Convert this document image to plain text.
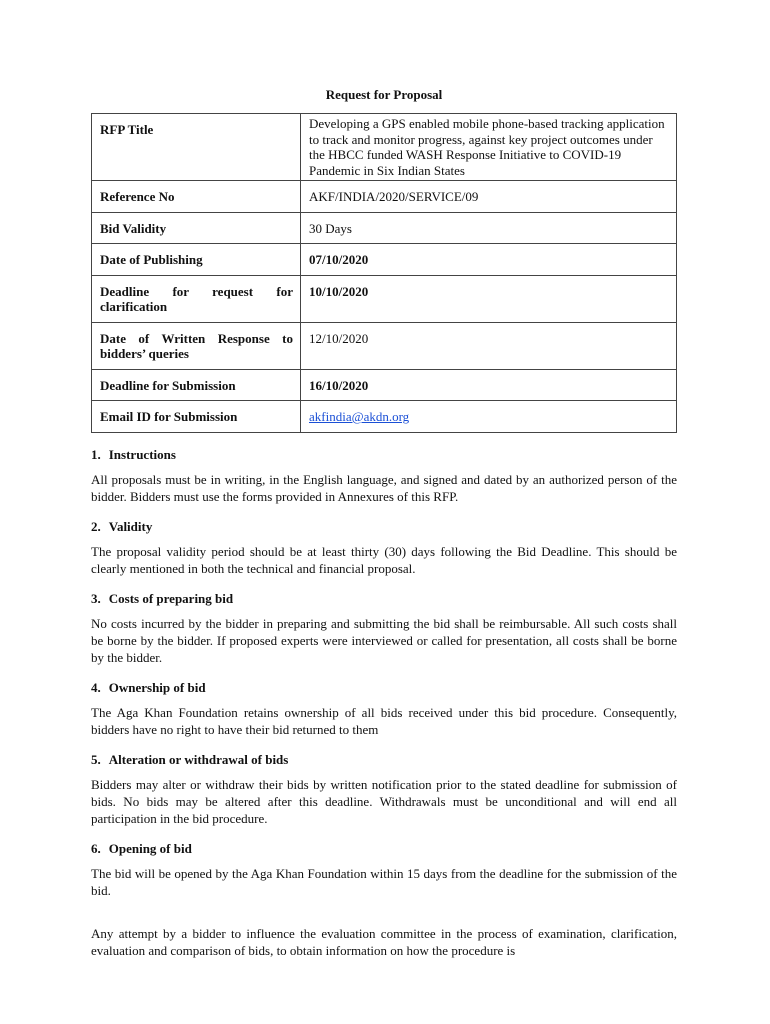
Request for Proposal
RFP Title	Developing a GPS enabled mobile phone-based tracking application to track and monitor progress, against key project outcomes under the HBCC funded WASH Response Initiative to COVID-19 Pandemic in Six Indian States
Reference No	AKF/INDIA/2020/SERVICE/09
Bid Validity	30 Days
Date of Publishing	07/10/2020
Deadline for request for clarification	10/10/2020
Date of Written Response to bidders’ queries	12/10/2020
Deadline for Submission	16/10/2020
Email ID for Submission	akfindia@akdn.org
1. Instructions

All proposals must be in writing, in the English language, and signed and dated by an authorized person of the bidder. Bidders must use the forms provided in Annexures of this RFP.

2. Validity

The proposal validity period should be at least thirty (30) days following the Bid Deadline. This should be clearly mentioned in both the technical and financial proposal.

3. Costs of preparing bid

No costs incurred by the bidder in preparing and submitting the bid shall be reimbursable. All such costs shall be borne by the bidder. If proposed experts were interviewed or called for presentation, all costs shall be borne by the bidder.

4. Ownership of bid

The Aga Khan Foundation retains ownership of all bids received under this bid procedure. Consequently, bidders have no right to have their bid returned to them

5. Alteration or withdrawal of bids

Bidders may alter or withdraw their bids by written notification prior to the stated deadline for submission of bids. No bids may be altered after this deadline. Withdrawals must be unconditional and will end all participation in the bid procedure.

6. Opening of bid

The bid will be opened by the Aga Khan Foundation within 15 days from the deadline for the submission of the bid.

Any attempt by a bidder to influence the evaluation committee in the process of examination, clarification, evaluation and comparison of bids, to obtain information on how the procedure is
